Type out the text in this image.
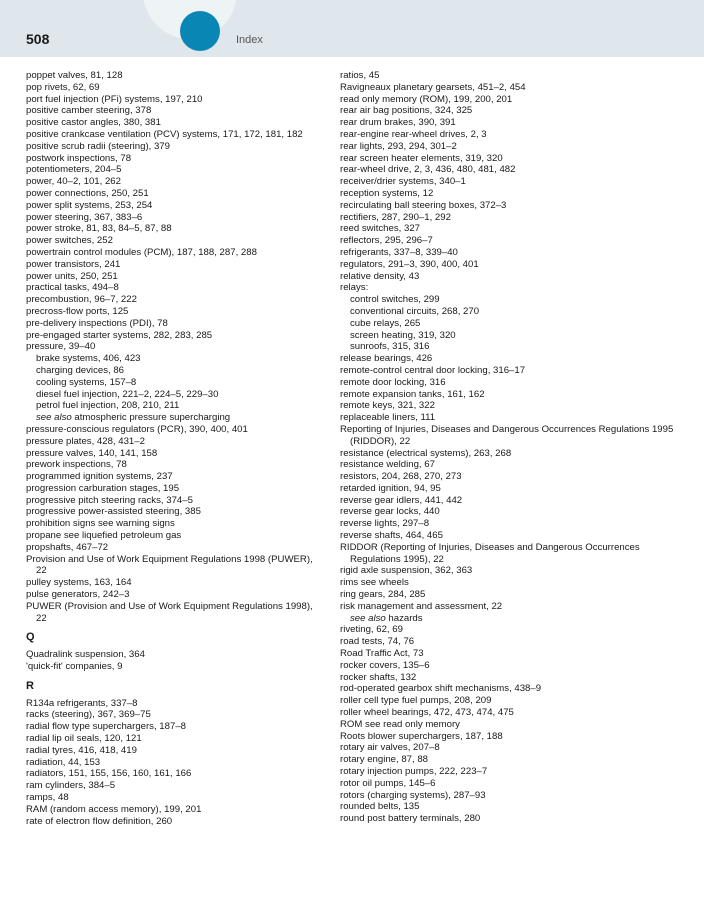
508	Index
poppet valves, 81, 128
pop rivets, 62, 69
port fuel injection (PFi) systems, 197, 210
positive camber steering, 378
positive castor angles, 380, 381
positive crankcase ventilation (PCV) systems, 171, 172, 181, 182
positive scrub radii (steering), 379
postwork inspections, 78
potentiometers, 204–5
power, 40–2, 101, 262
power connections, 250, 251
power split systems, 253, 254
power steering, 367, 383–6
power stroke, 81, 83, 84–5, 87, 88
power switches, 252
powertrain control modules (PCM), 187, 188, 287, 288
power transistors, 241
power units, 250, 251
practical tasks, 494–8
precombustion, 96–7, 222
precross-flow ports, 125
pre-delivery inspections (PDI), 78
pre-engaged starter systems, 282, 283, 285
pressure, 39–40
brake systems, 406, 423
charging devices, 86
cooling systems, 157–8
diesel fuel injection, 221–2, 224–5, 229–30
petrol fuel injection, 208, 210, 211
see also atmospheric pressure supercharging
pressure-conscious regulators (PCR), 390, 400, 401
pressure plates, 428, 431–2
pressure valves, 140, 141, 158
prework inspections, 78
programmed ignition systems, 237
progression carburation stages, 195
progressive pitch steering racks, 374–5
progressive power-assisted steering, 385
prohibition signs see warning signs
propane see liquefied petroleum gas
propshafts, 467–72
Provision and Use of Work Equipment Regulations 1998 (PUWER), 22
pulley systems, 163, 164
pulse generators, 242–3
PUWER (Provision and Use of Work Equipment Regulations 1998), 22
Q
Quadralink suspension, 364
'quick-fit' companies, 9
R
R134a refrigerants, 337–8
racks (steering), 367, 369–75
radial flow type superchargers, 187–8
radial lip oil seals, 120, 121
radial tyres, 416, 418, 419
radiation, 44, 153
radiators, 151, 155, 156, 160, 161, 166
ram cylinders, 384–5
ramps, 48
RAM (random access memory), 199, 201
rate of electron flow definition, 260
ratios, 45
Ravigneaux planetary gearsets, 451–2, 454
read only memory (ROM), 199, 200, 201
rear air bag positions, 324, 325
rear drum brakes, 390, 391
rear-engine rear-wheel drives, 2, 3
rear lights, 293, 294, 301–2
rear screen heater elements, 319, 320
rear-wheel drive, 2, 3, 436, 480, 481, 482
receiver/drier systems, 340–1
reception systems, 12
recirculating ball steering boxes, 372–3
rectifiers, 287, 290–1, 292
reed switches, 327
reflectors, 295, 296–7
refrigerants, 337–8, 339–40
regulators, 291–3, 390, 400, 401
relative density, 43
relays:
control switches, 299
conventional circuits, 268, 270
cube relays, 265
screen heating, 319, 320
sunroofs, 315, 316
release bearings, 426
remote-control central door locking, 316–17
remote door locking, 316
remote expansion tanks, 161, 162
remote keys, 321, 322
replaceable liners, 111
Reporting of Injuries, Diseases and Dangerous Occurrences Regulations 1995 (RIDDOR), 22
resistance (electrical systems), 263, 268
resistance welding, 67
resistors, 204, 268, 270, 273
retarded ignition, 94, 95
reverse gear idlers, 441, 442
reverse gear locks, 440
reverse lights, 297–8
reverse shafts, 464, 465
RIDDOR (Reporting of Injuries, Diseases and Dangerous Occurrences Regulations 1995), 22
rigid axle suspension, 362, 363
rims see wheels
ring gears, 284, 285
risk management and assessment, 22
see also hazards
riveting, 62, 69
road tests, 74, 76
Road Traffic Act, 73
rocker covers, 135–6
rocker shafts, 132
rod-operated gearbox shift mechanisms, 438–9
roller cell type fuel pumps, 208, 209
roller wheel bearings, 472, 473, 474, 475
ROM see read only memory
Roots blower superchargers, 187, 188
rotary air valves, 207–8
rotary engine, 87, 88
rotary injection pumps, 222, 223–7
rotor oil pumps, 145–6
rotors (charging systems), 287–93
rounded belts, 135
round post battery terminals, 280
